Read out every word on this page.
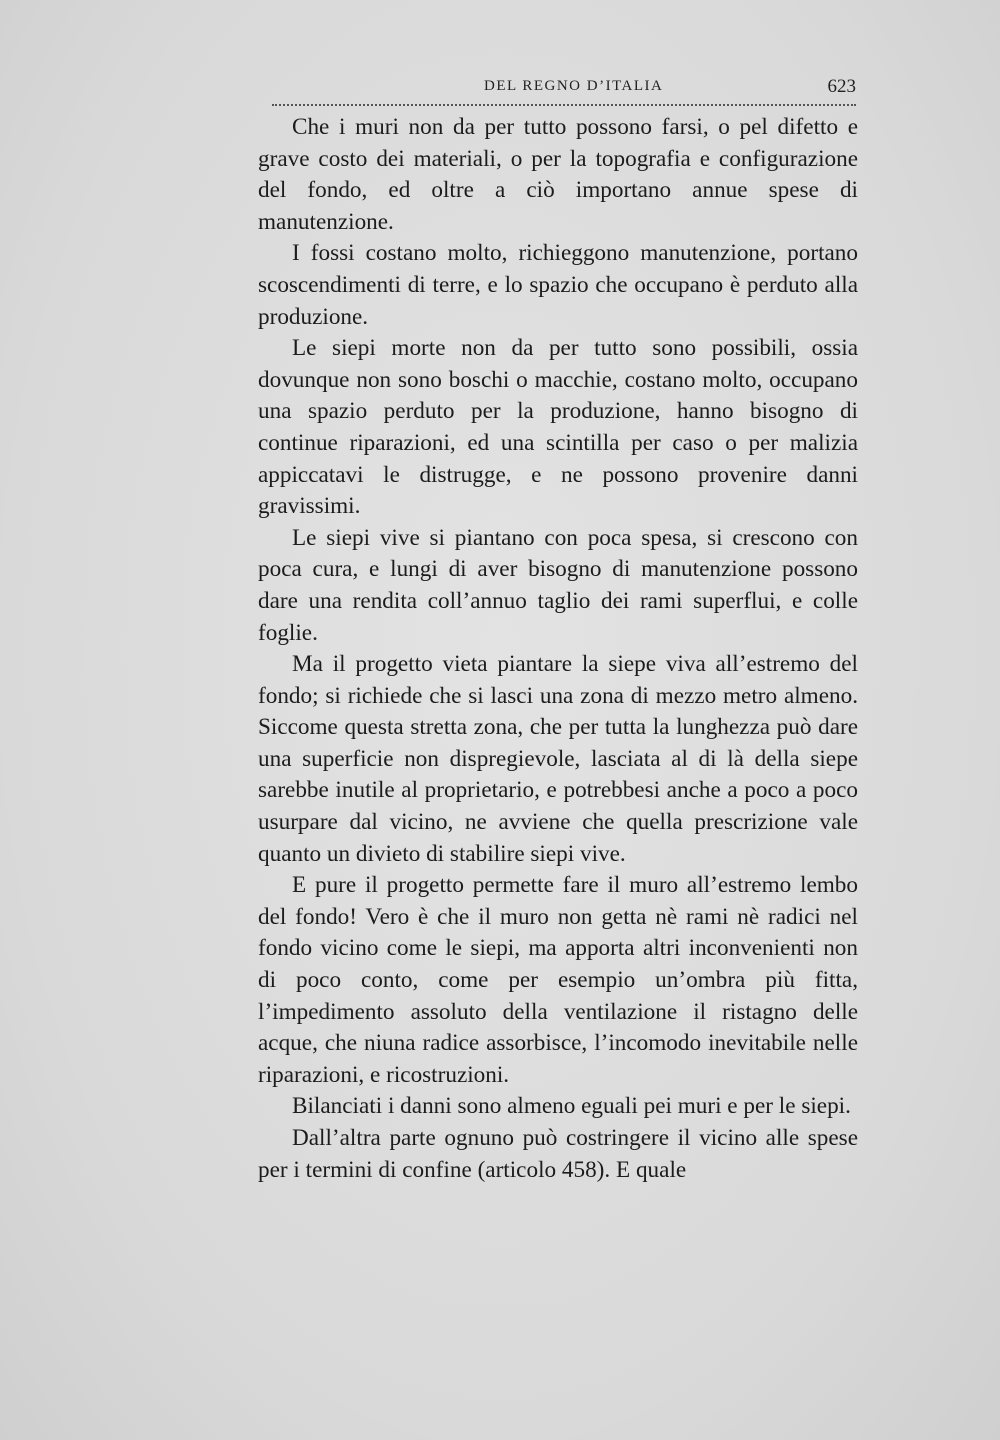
DEL REGNO D’ITALIA	623

Che i muri non da per tutto possono farsi, o pel difetto e grave costo dei materiali, o per la topografia e configurazione del fondo, ed oltre a ciò importano annue spese di manutenzione.

I fossi costano molto, richieggono manutenzione, portano scoscendimenti di terre, e lo spazio che occupano è perduto alla produzione.

Le siepi morte non da per tutto sono possibili, ossia dovunque non sono boschi o macchie, costano molto, occupano una spazio perduto per la produzione, hanno bisogno di continue riparazioni, ed una scintilla per caso o per malizia appiccatavi le distrugge, e ne possono provenire danni gravissimi.

Le siepi vive si piantano con poca spesa, si crescono con poca cura, e lungi di aver bisogno di manutenzione possono dare una rendita coll’annuo taglio dei rami superflui, e colle foglie.

Ma il progetto vieta piantare la siepe viva all’estremo del fondo; si richiede che si lasci una zona di mezzo metro almeno. Siccome questa stretta zona, che per tutta la lunghezza può dare una superficie non dispregievole, lasciata al di là della siepe sarebbe inutile al proprietario, e potrebbesi anche a poco a poco usurpare dal vicino, ne avviene che quella prescrizione vale quanto un divieto di stabilire siepi vive.

E pure il progetto permette fare il muro all’estremo lembo del fondo! Vero è che il muro non getta nè rami nè radici nel fondo vicino come le siepi, ma apporta altri inconvenienti non di poco conto, come per esempio un’ombra più fitta, l’impedimento assoluto della ventilazione il ristagno delle acque, che niuna radice assorbisce, l’incomodo inevitabile nelle riparazioni, e ricostruzioni.

Bilanciati i danni sono almeno eguali pei muri e per le siepi.

Dall’altra parte ognuno può costringere il vicino alle spese per i termini di confine (articolo 458). E quale
